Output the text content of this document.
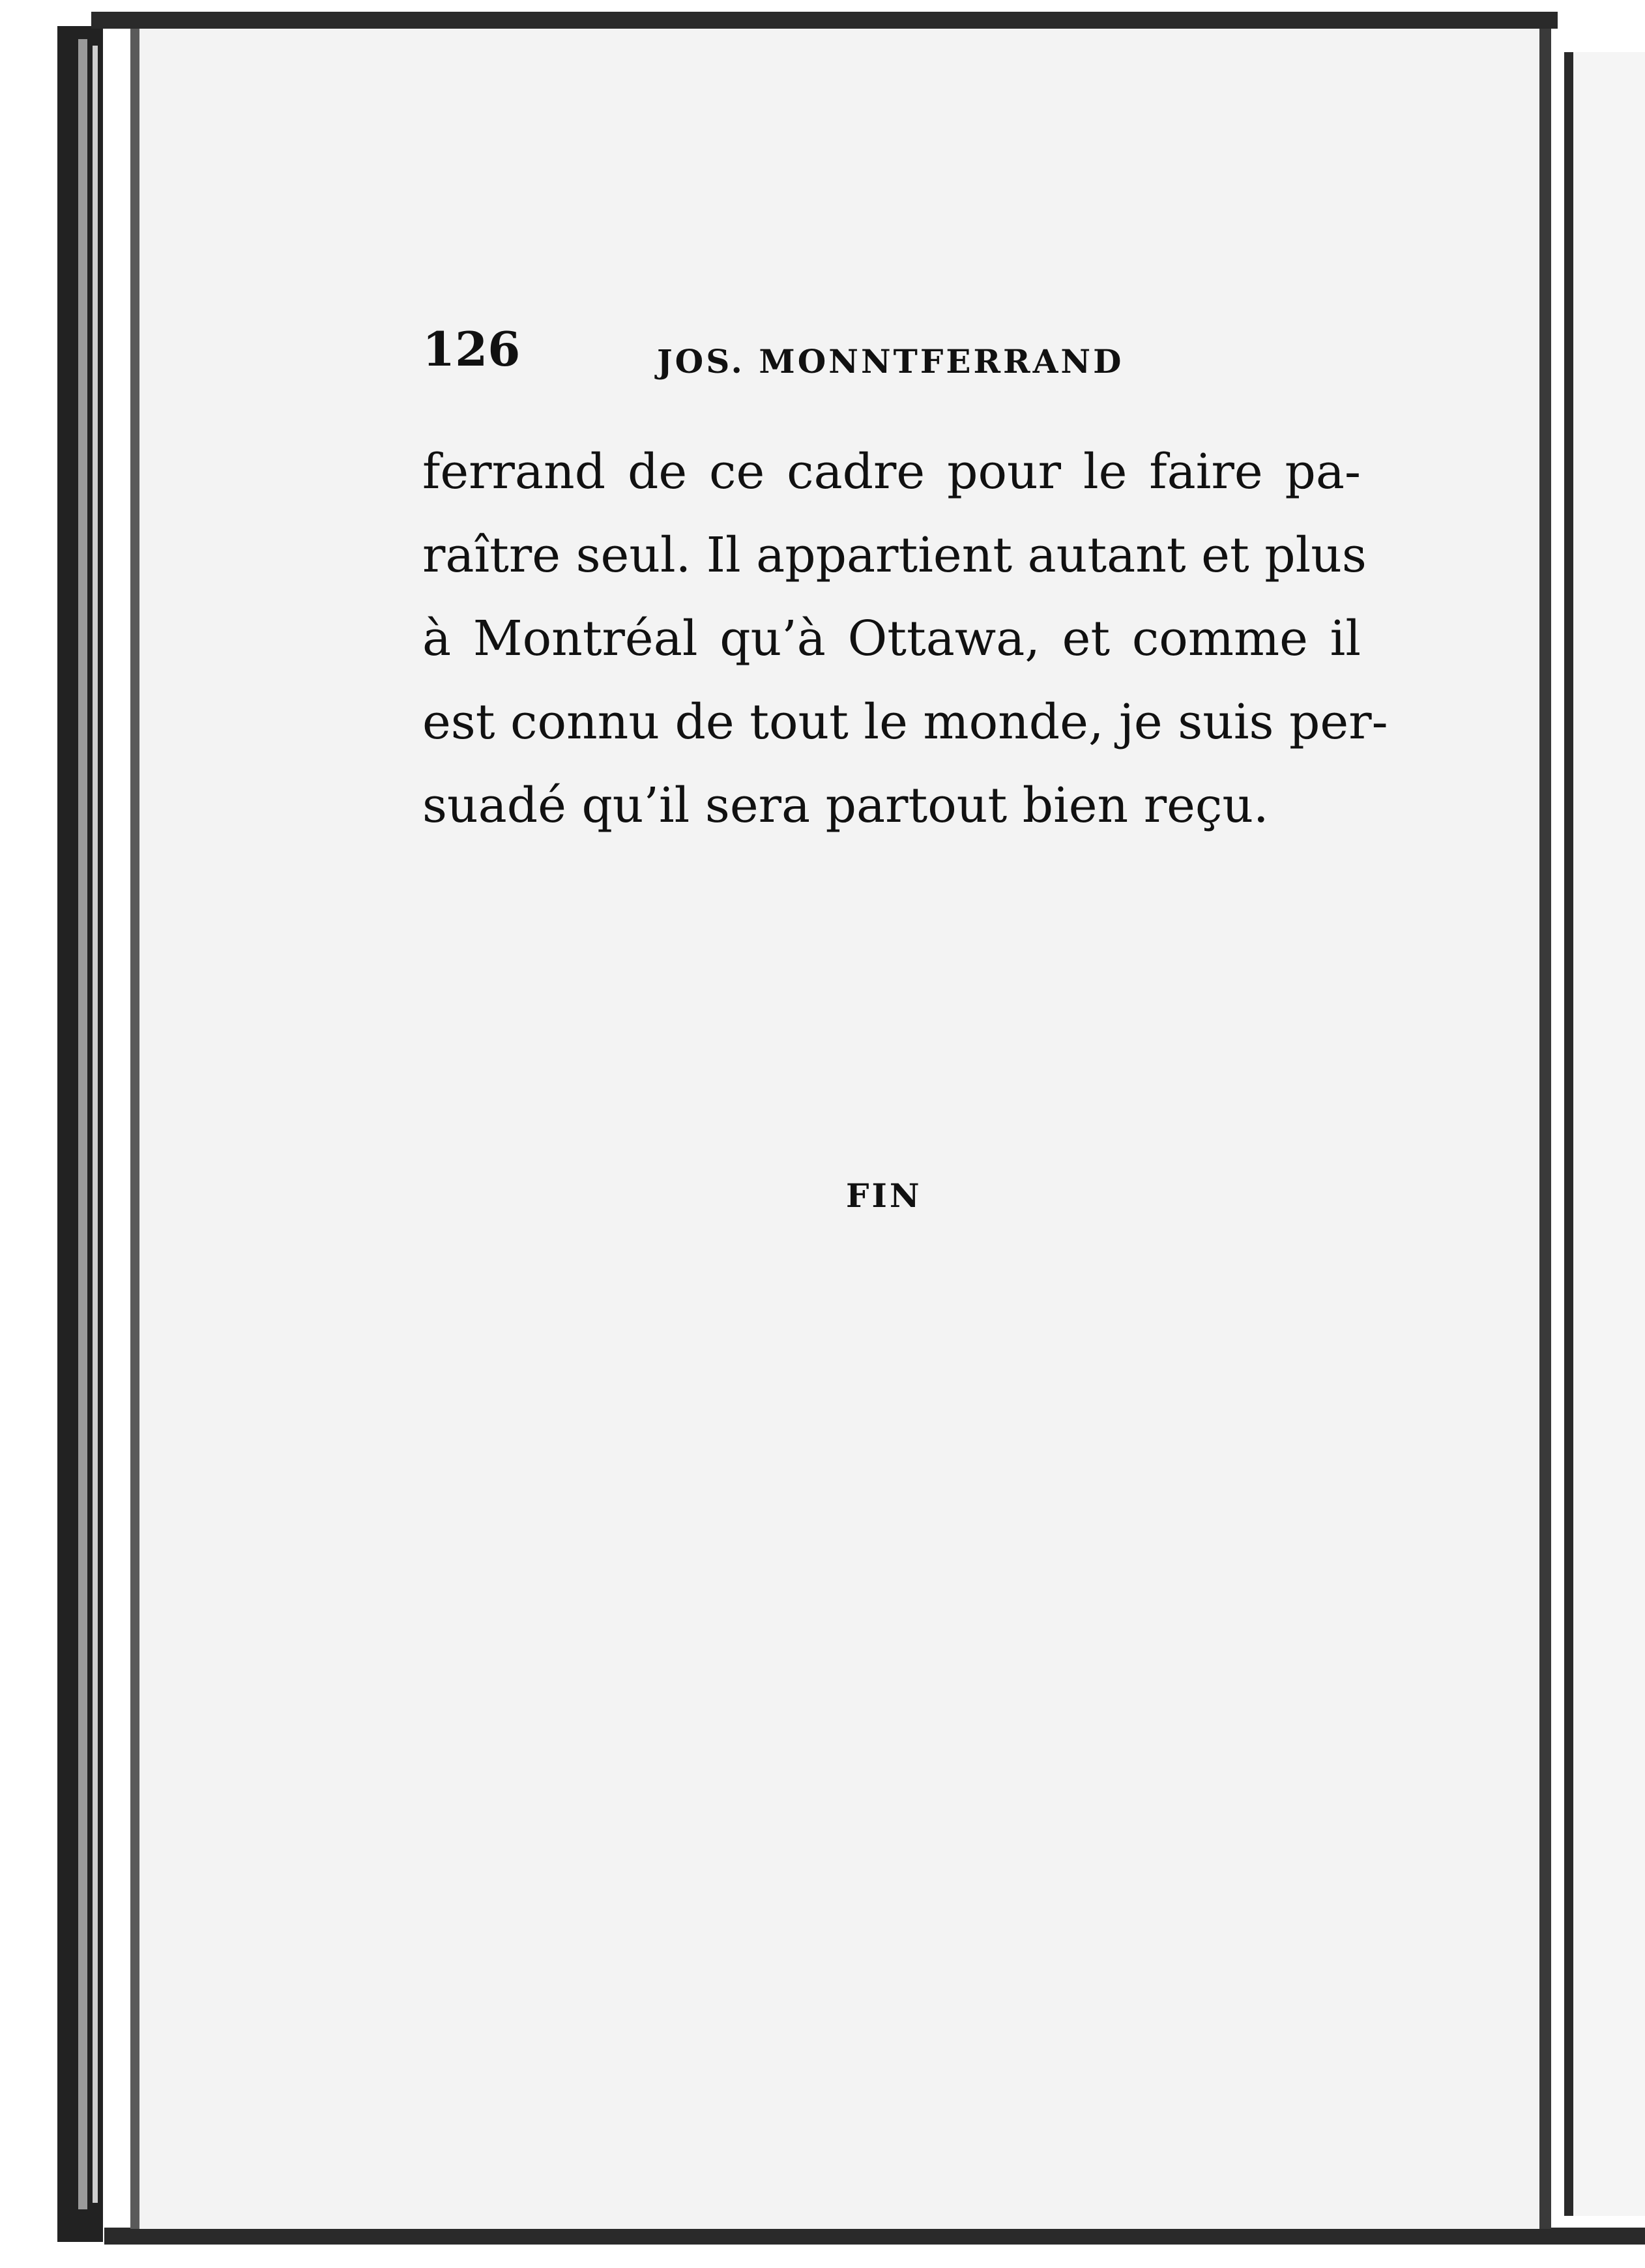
126	JOS. MONNTFERRAND
ferrand de ce cadre pour le faire pa-
raître seul. Il appartient autant et plus
à Montréal qu’à Ottawa, et comme il
est connu de tout le monde, je suis per-
suadé qu’il sera partout bien reçu.
FIN
